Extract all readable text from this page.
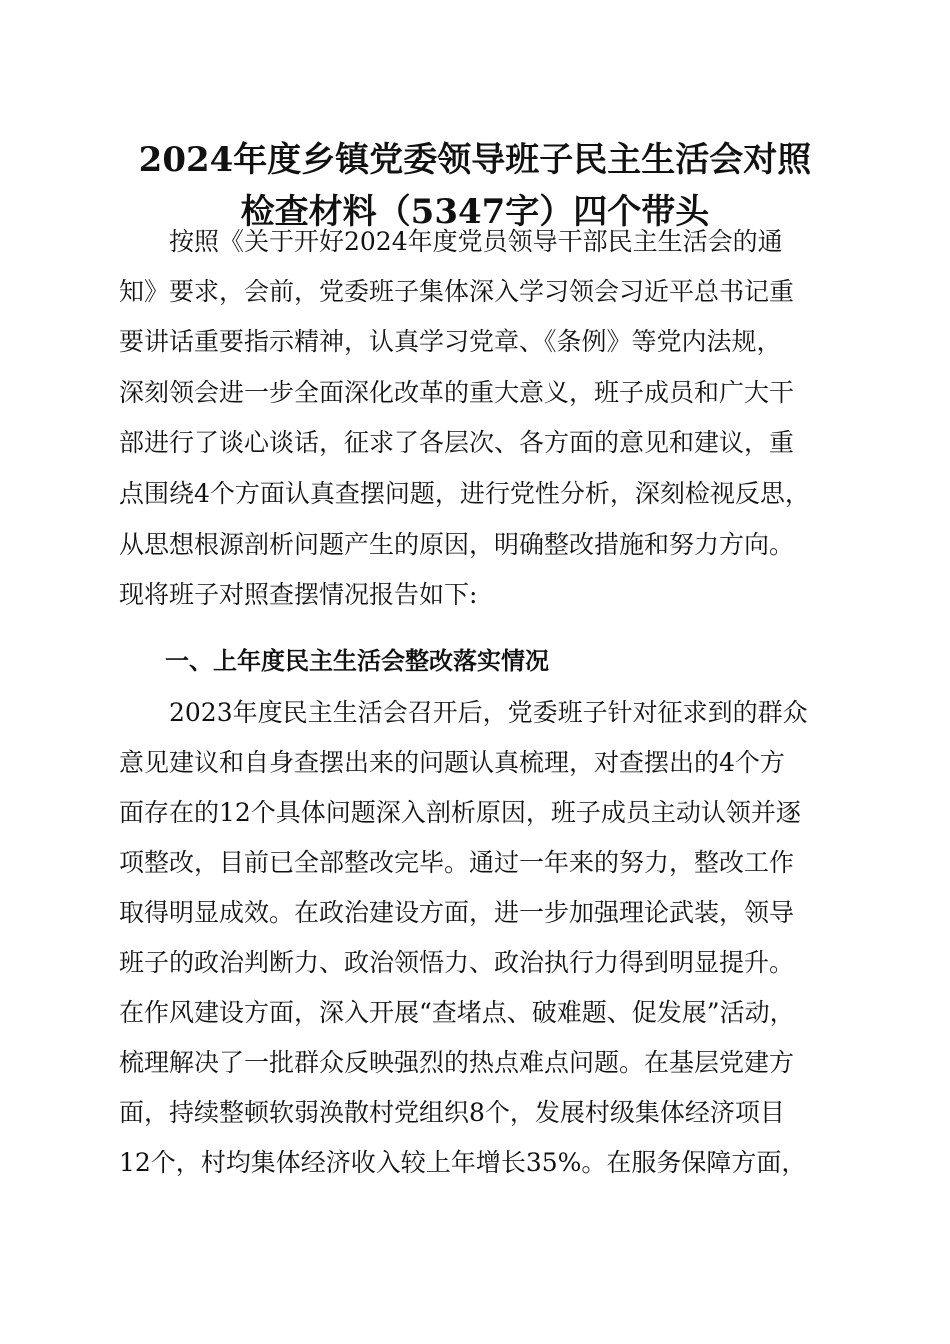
2024年度乡镇党委领导班子民主生活会对照
检查材料（5347字）四个带头
按照《关于开好2024年度党员领导干部民主生活会的通
知》要求，会前，党委班子集体深入学习领会习近平总书记重
要讲话重要指示精神，认真学习党章、《条例》等党内法规，
深刻领会进一步全面深化改革的重大意义，班子成员和广大干
部进行了谈心谈话，征求了各层次、各方面的意见和建议，重
点围绕4个方面认真查摆问题，进行党性分析，深刻检视反思，
从思想根源剖析问题产生的原因，明确整改措施和努力方向。
现将班子对照查摆情况报告如下:
一、上年度民主生活会整改落实情况
2023年度民主生活会召开后，党委班子针对征求到的群众
意见建议和自身查摆出来的问题认真梳理，对查摆出的4个方
面存在的12个具体问题深入剖析原因，班子成员主动认领并逐
项整改，目前已全部整改完毕。通过一年来的努力，整改工作
取得明显成效。在政治建设方面，进一步加强理论武装，领导
班子的政治判断力、政治领悟力、政治执行力得到明显提升。
在作风建设方面，深入开展“查堵点、破难题、促发展”活动，
梳理解决了一批群众反映强烈的热点难点问题。在基层党建方
面，持续整顿软弱涣散村党组织8个，发展村级集体经济项目
12个，村均集体经济收入较上年增长35%。在服务保障方面，
